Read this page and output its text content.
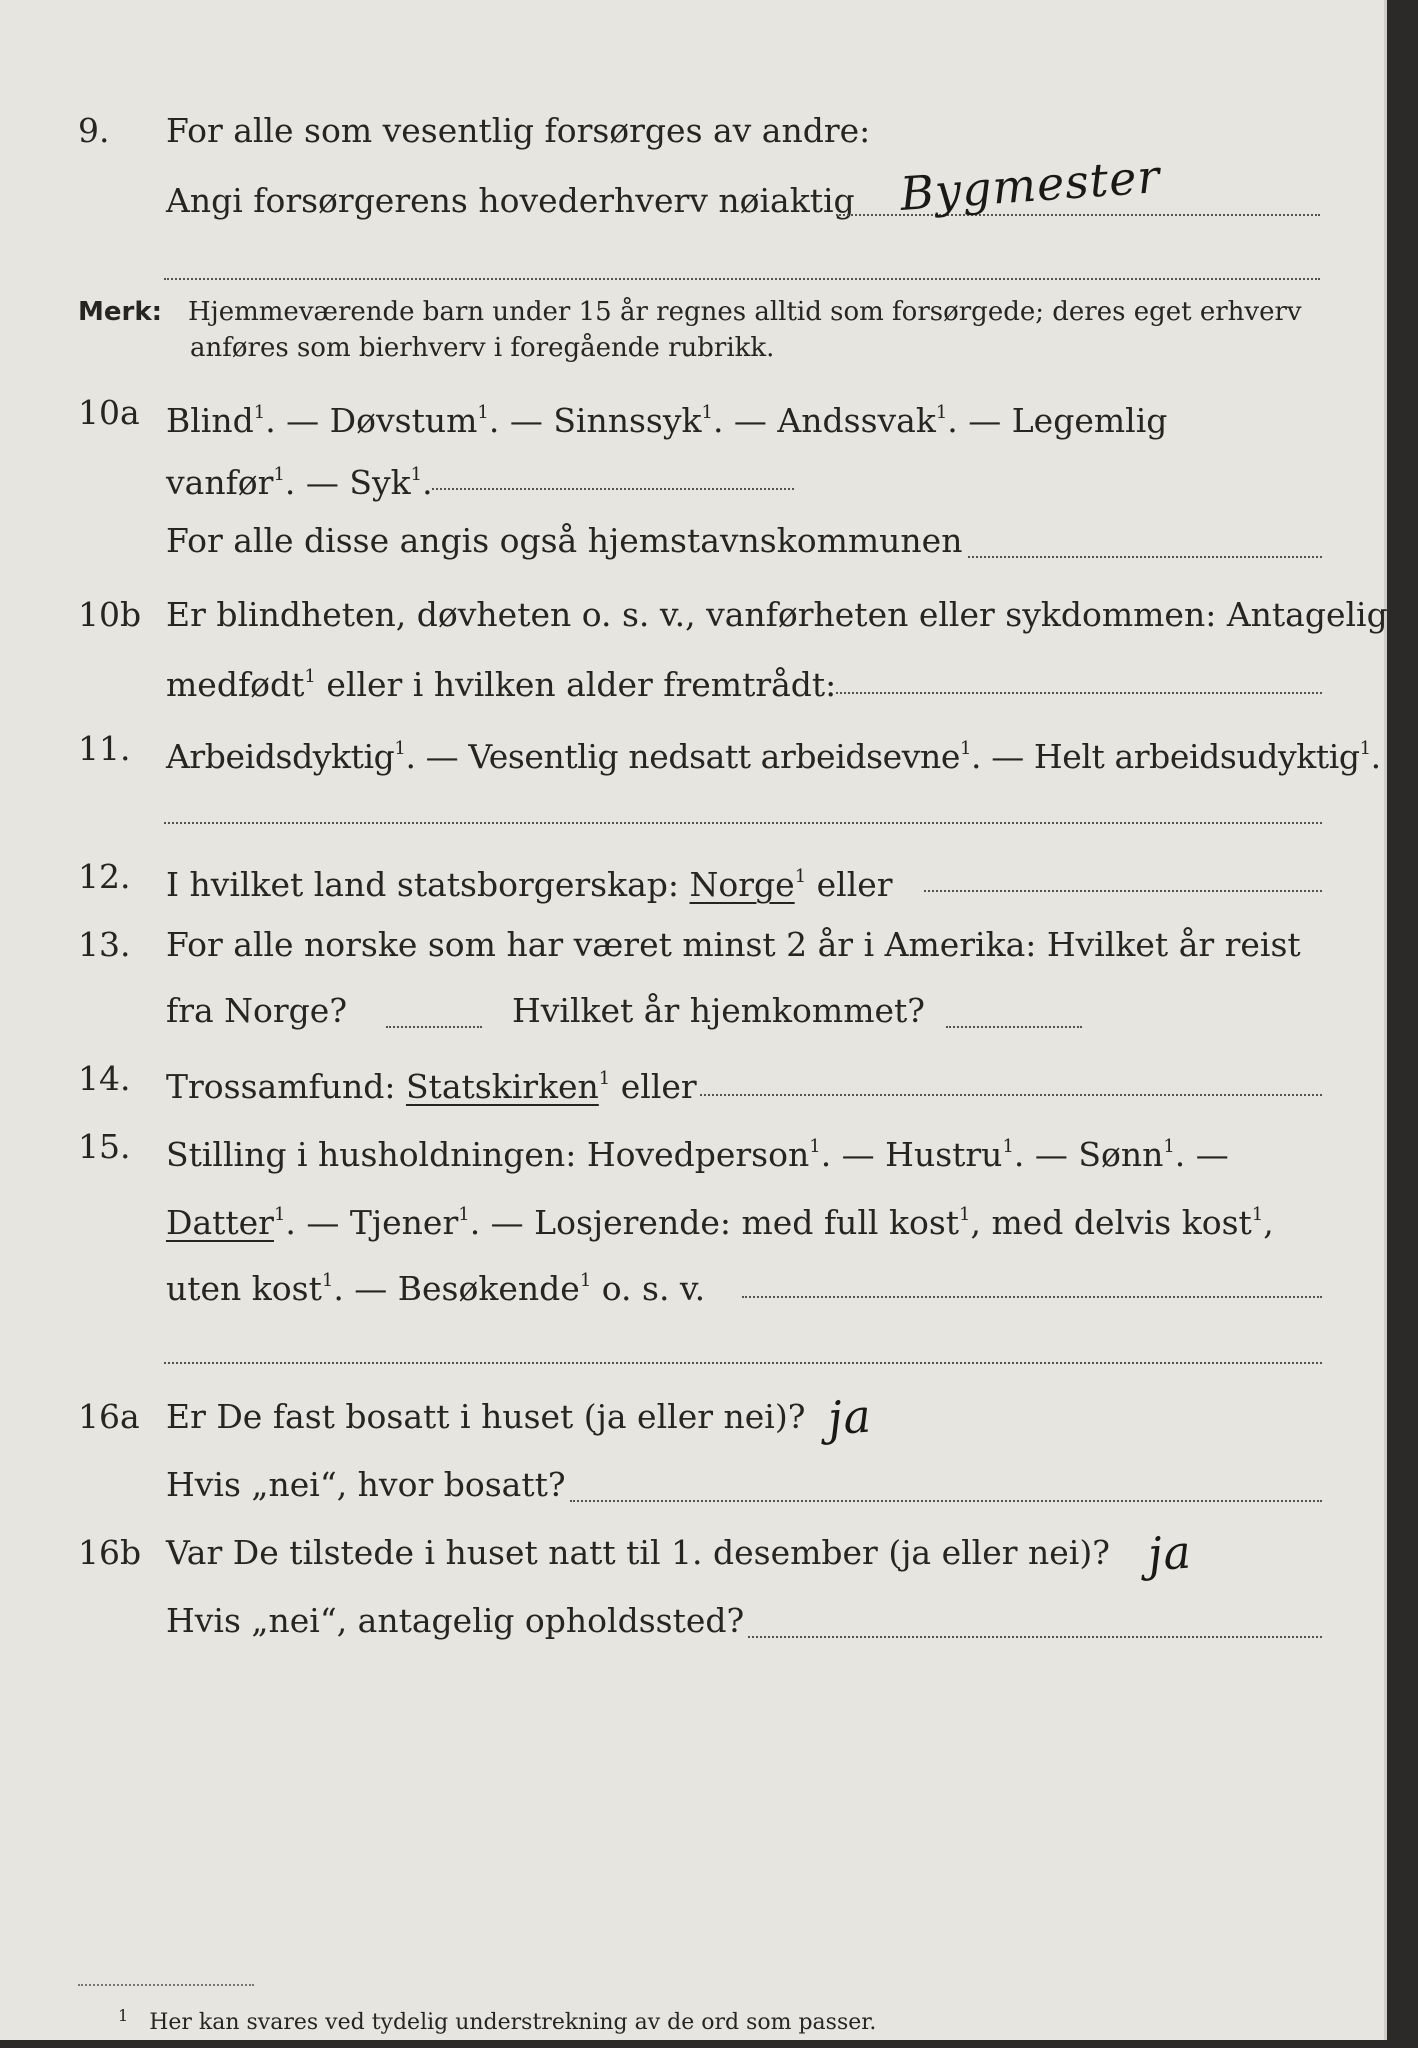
9. For alle som vesentlig forsørges av andre:
Angi forsørgerens hovederhverv nøiaktig Bygmester
Merk: Hjemmeværende barn under 15 år regnes alltid som forsørgede; deres eget erhverv
anføres som bierhverv i foregående rubrikk.
10a Blind$^1$. — Døvstum$^1$. — Sinnssyk$^1$. — Andssvak$^1$. — Legemlig
vanfør$^1$. — Syk$^1$.
For alle disse angis også hjemstavnskommunen
10b Er blindheten, døvheten o. s. v., vanførheten eller sykdommen: Antagelig
medfødt$^1$ eller i hvilken alder fremtrådt:
11. Arbeidsdyktig$^1$. — Vesentlig nedsatt arbeidsevne$^1$. — Helt arbeidsudyktig$^1$.
12. I hvilket land statsborgerskap: Norge$^1$ eller
13. For alle norske som har været minst 2 år i Amerika: Hvilket år reist
fra Norge?	Hvilket år hjemkommet?
14. Trossamfund: Statskirken$^1$ eller
15. Stilling i husholdningen: Hovedperson$^1$. — Hustru$^1$. — Sønn$^1$. —
Datter$^1$. — Tjener$^1$. — Losjerende: med full kost$^1$, med delvis kost$^1$,
uten kost$^1$. — Besøkende$^1$ o. s. v.
16a Er De fast bosatt i huset (ja eller nei)? ja
Hvis „nei“, hvor bosatt?
16b Var De tilstede i huset natt til 1. desember (ja eller nei)? ja
Hvis „nei“, antagelig opholdssted?
$^1$ Her kan svares ved tydelig understrekning av de ord som passer.
